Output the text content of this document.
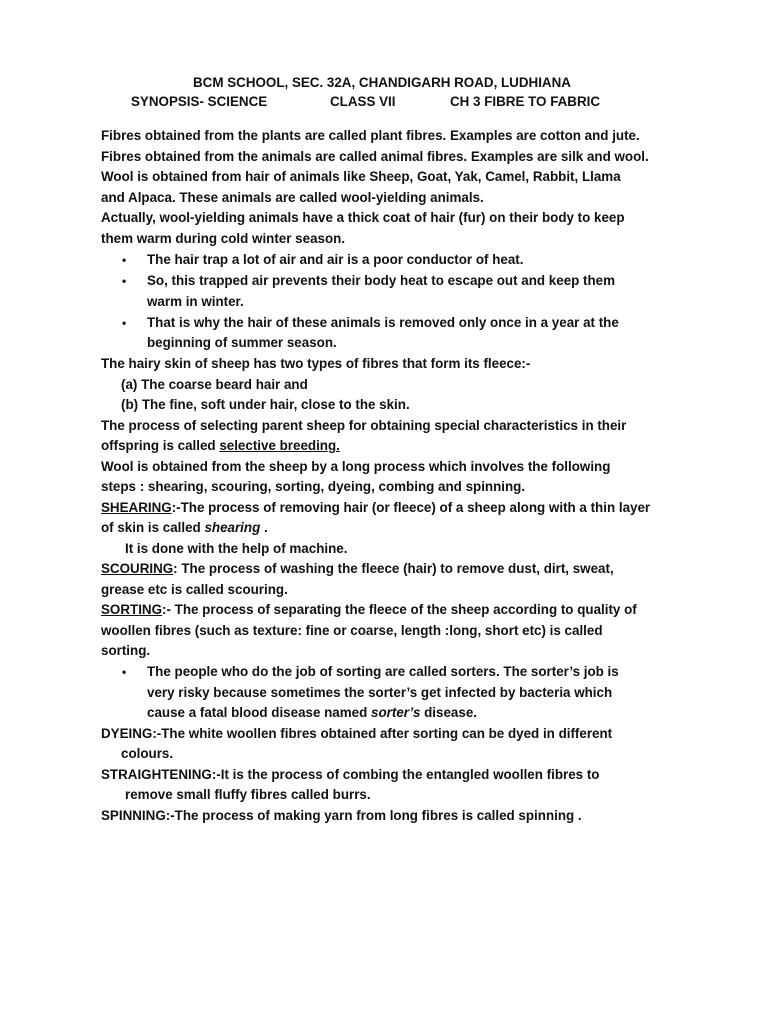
BCM SCHOOL, SEC. 32A, CHANDIGARH ROAD, LUDHIANA
SYNOPSIS- SCIENCE	CLASS VII	CH 3 FIBRE TO FABRIC
Fibres obtained from the plants are called plant fibres. Examples are cotton and jute.
Fibres obtained from the animals are called animal fibres. Examples are silk and wool.
Wool is obtained from hair of animals like Sheep, Goat, Yak, Camel, Rabbit, Llama
and Alpaca. These animals are called wool-yielding animals.
Actually, wool-yielding animals have a thick coat of hair (fur) on their body to keep
them warm during cold winter season.
• The hair trap a lot of air and air is a poor conductor of heat.
• So, this trapped air prevents their body heat to escape out and keep them
warm in winter.
• That is why the hair of these animals is removed only once in a year at the
beginning of summer season.
The hairy skin of sheep has two types of fibres that form its fleece:-
(a) The coarse beard hair and
(b) The fine, soft under hair, close to the skin.
The process of selecting parent sheep for obtaining special characteristics in their
offspring is called selective breeding.
Wool is obtained from the sheep by a long process which involves the following
steps : shearing, scouring, sorting, dyeing, combing and spinning.
SHEARING:-The process of removing hair (or fleece) of a sheep along with a thin layer
of skin is called shearing .
It is done with the help of machine.
SCOURING: The process of washing the fleece (hair) to remove dust, dirt, sweat,
grease etc is called scouring.
SORTING:- The process of separating the fleece of the sheep according to quality of
woollen fibres (such as texture: fine or coarse, length :long, short etc) is called
sorting.
• The people who do the job of sorting are called sorters. The sorter’s job is
very risky because sometimes the sorter’s get infected by bacteria which
cause a fatal blood disease named sorter’s disease.
DYEING:-The white woollen fibres obtained after sorting can be dyed in different
colours.
STRAIGHTENING:-It is the process of combing the entangled woollen fibres to
remove small fluffy fibres called burrs.
SPINNING:-The process of making yarn from long fibres is called spinning .
